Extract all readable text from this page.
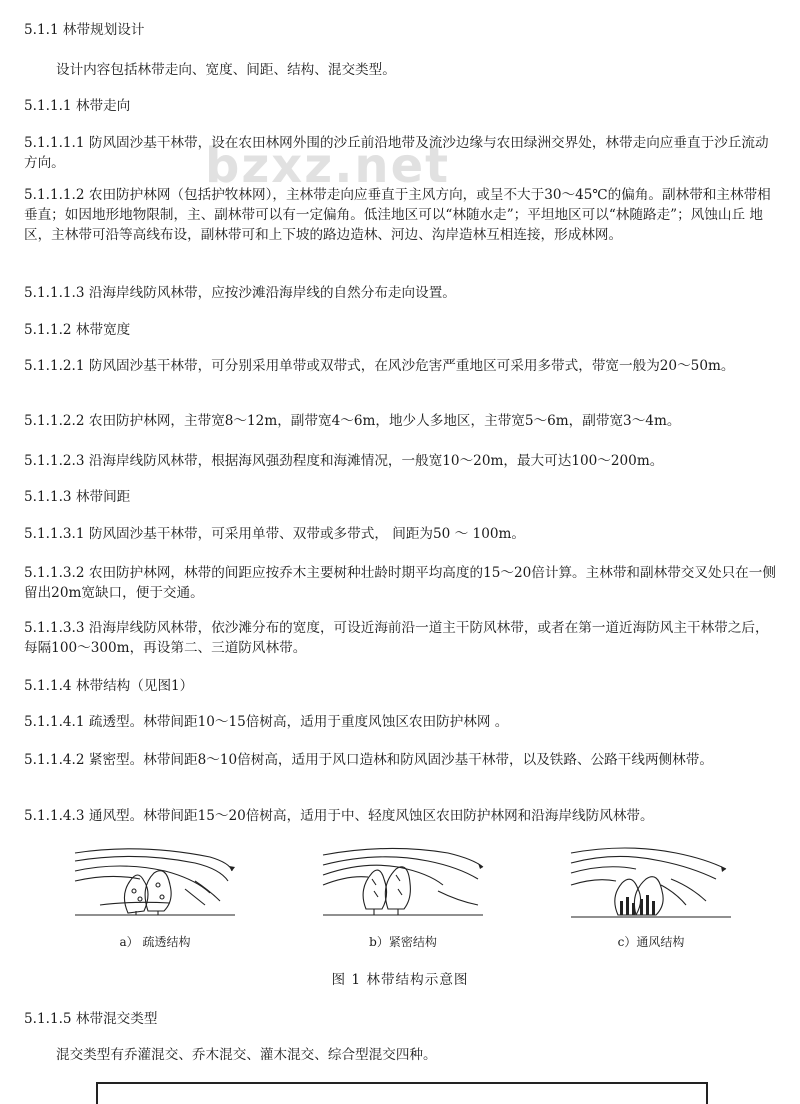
bzxz.net

5.1.1 林带规划设计

设计内容包括林带走向、宽度、间距、结构、混交类型。

5.1.1.1 林带走向

5.1.1.1.1 防风固沙基干林带，设在农田林网外围的沙丘前沿地带及流沙边缘与农田绿洲交界处，林带走向应垂直于沙丘流动方向。

5.1.1.1.2 农田防护林网（包括护牧林网），主林带走向应垂直于主风方向，或呈不大于30～45℃的偏角。副林带和主林带相垂直；如因地形地物限制，主、副林带可以有一定偏角。低洼地区可以“林随水走”；平坦地区可以“林随路走”；风蚀山丘 地区，主林带可沿等高线布设，副林带可和上下坡的路边造林、河边、沟岸造林互相连接，形成林网。

5.1.1.1.3 沿海岸线防风林带，应按沙滩沿海岸线的自然分布走向设置。

5.1.1.2 林带宽度

5.1.1.2.1 防风固沙基干林带，可分别采用单带或双带式，在风沙危害严重地区可采用多带式，带宽一般为20～50m。

5.1.1.2.2 农田防护林网，主带宽8～12m，副带宽4～6m，地少人多地区，主带宽5～6m，副带宽3～4m。

5.1.1.2.3 沿海岸线防风林带，根据海风强劲程度和海滩情况，一般宽10～20m，最大可达100～200m。

5.1.1.3 林带间距

5.1.1.3.1 防风固沙基干林带，可采用单带、双带或多带式， 间距为50 ～ 100m。

5.1.1.3.2 农田防护林网，林带的间距应按乔木主要树种壮龄时期平均高度的15～20倍计算。主林带和副林带交叉处只在一侧留出20m宽缺口，便于交通。

5.1.1.3.3 沿海岸线防风林带，依沙滩分布的宽度，可设近海前沿一道主干防风林带，或者在第一道近海防风主干林带之后，每隔100～300m，再设第二、三道防风林带。

5.1.1.4 林带结构（见图1）

5.1.1.4.1 疏透型。林带间距10～15倍树高，适用于重度风蚀区农田防护林网 。

5.1.1.4.2 紧密型。林带间距8～10倍树高，适用于风口造林和防风固沙基干林带，以及铁路、公路干线两侧林带。

5.1.1.4.3 通风型。林带间距15～20倍树高，适用于中、轻度风蚀区农田防护林网和沿海岸线防风林带。

a） 疏透结构	b）紧密结构	c）通风结构
图 1 林带结构示意图

5.1.1.5 林带混交类型

混交类型有乔灌混交、乔木混交、灌木混交、综合型混交四种。
